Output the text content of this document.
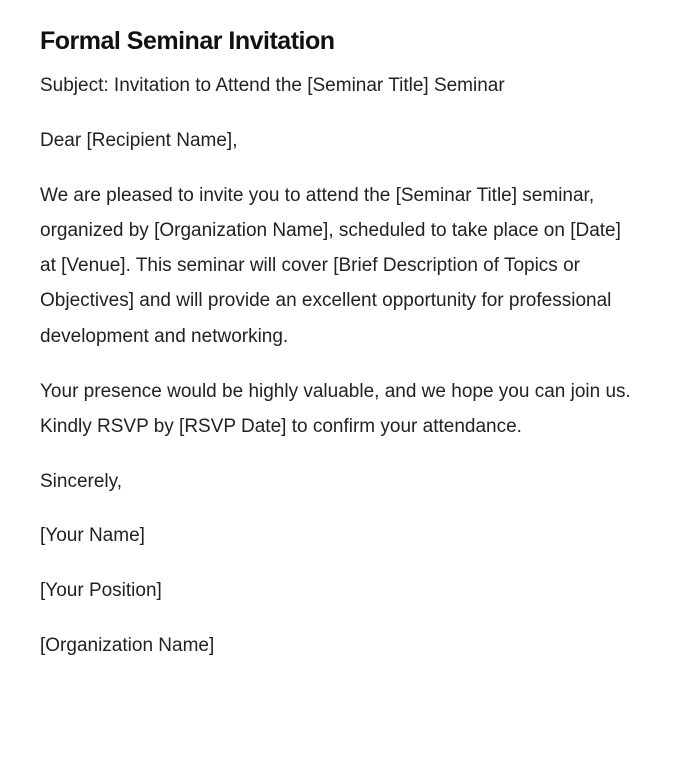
Formal Seminar Invitation

Subject: Invitation to Attend the [Seminar Title] Seminar

Dear [Recipient Name],

We are pleased to invite you to attend the [Seminar Title] seminar, organized by [Organization Name], scheduled to take place on [Date] at [Venue]. This seminar will cover [Brief Description of Topics or Objectives] and will provide an excellent opportunity for professional development and networking.

Your presence would be highly valuable, and we hope you can join us. Kindly RSVP by [RSVP Date] to confirm your attendance.

Sincerely,

[Your Name]

[Your Position]

[Organization Name]
